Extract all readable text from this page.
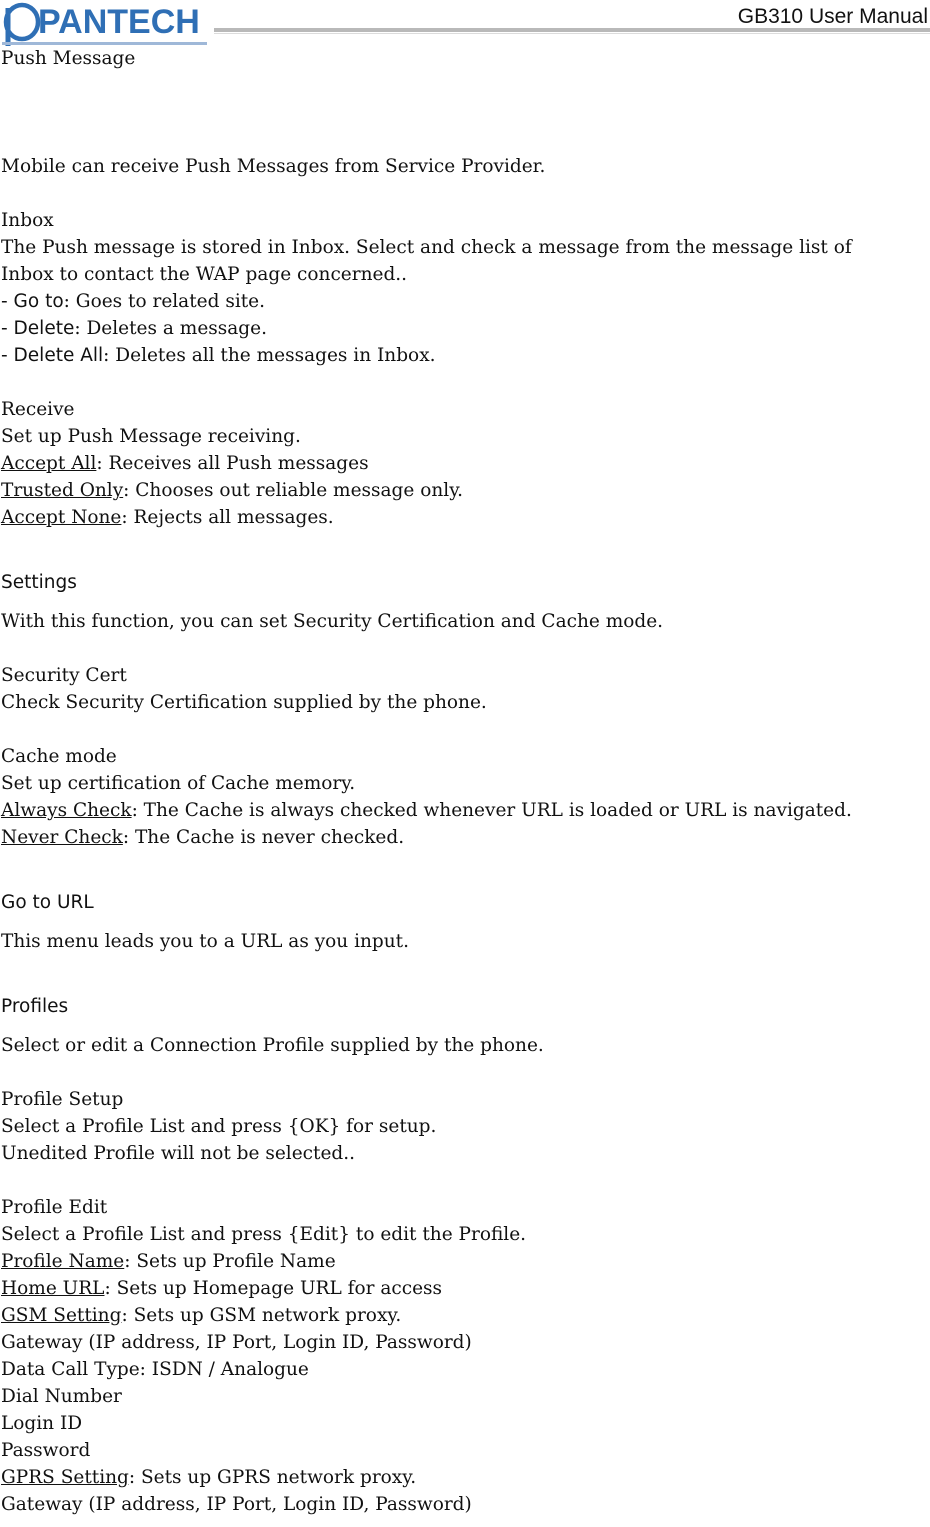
PANTECH	GB310 User Manual
Push Message
Mobile can receive Push Messages from Service Provider.
Inbox
The Push message is stored in Inbox. Select and check a message from the message list of
Inbox to contact the WAP page concerned..
- Go to: Goes to related site.
- Delete: Deletes a message.
- Delete All: Deletes all the messages in Inbox.
Receive
Set up Push Message receiving.
Accept All: Receives all Push messages
Trusted Only: Chooses out reliable message only.
Accept None: Rejects all messages.
Settings
With this function, you can set Security Certification and Cache mode.
Security Cert
Check Security Certification supplied by the phone.
Cache mode
Set up certification of Cache memory.
Always Check: The Cache is always checked whenever URL is loaded or URL is navigated.
Never Check: The Cache is never checked.
Go to URL
This menu leads you to a URL as you input.
Profiles
Select or edit a Connection Profile supplied by the phone.
Profile Setup
Select a Profile List and press {OK} for setup.
Unedited Profile will not be selected..
Profile Edit
Select a Profile List and press {Edit} to edit the Profile.
Profile Name: Sets up Profile Name
Home URL: Sets up Homepage URL for access
GSM Setting: Sets up GSM network proxy.
Gateway (IP address, IP Port, Login ID, Password)
Data Call Type: ISDN / Analogue
Dial Number
Login ID
Password
GPRS Setting: Sets up GPRS network proxy.
Gateway (IP address, IP Port, Login ID, Password)
